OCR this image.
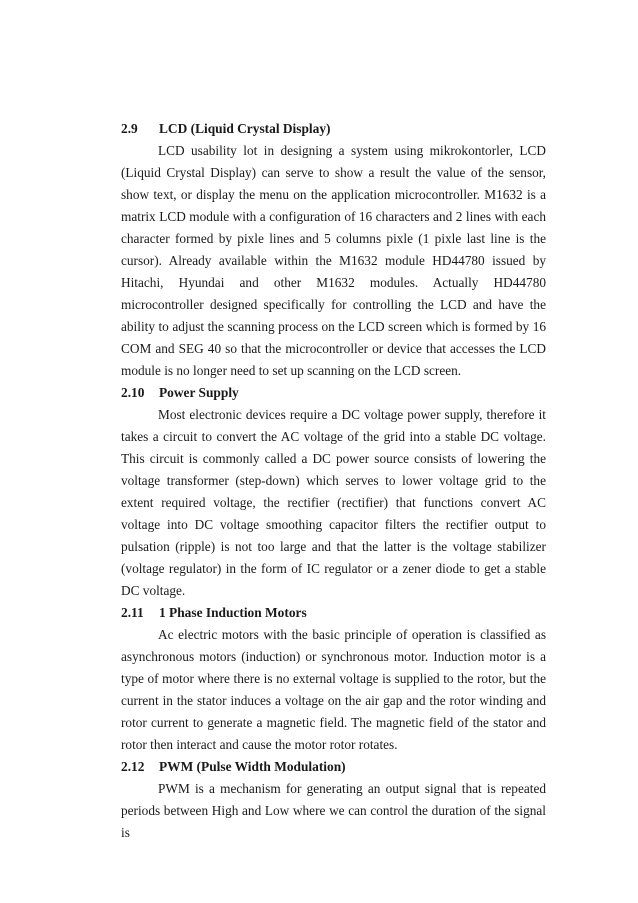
2.9 LCD (Liquid Crystal Display)

LCD usability lot in designing a system using mikrokontorler, LCD (Liquid Crystal Display) can serve to show a result the value of the sensor, show text, or display the menu on the application microcontroller. M1632 is a matrix LCD module with a configuration of 16 characters and 2 lines with each character formed by pixle lines and 5 columns pixle (1 pixle last line is the cursor). Already available within the M1632 module HD44780 issued by Hitachi, Hyundai and other M1632 modules. Actually HD44780 microcontroller designed specifically for controlling the LCD and have the ability to adjust the scanning process on the LCD screen which is formed by 16 COM and SEG 40 so that the microcontroller or device that accesses the LCD module is no longer need to set up scanning on the LCD screen.

2.10 Power Supply

Most electronic devices require a DC voltage power supply, therefore it takes a circuit to convert the AC voltage of the grid into a stable DC voltage. This circuit is commonly called a DC power source consists of lowering the voltage transformer (step-down) which serves to lower voltage grid to the extent required voltage, the rectifier (rectifier) that functions convert AC voltage into DC voltage smoothing capacitor filters the rectifier output to pulsation (ripple) is not too large and that the latter is the voltage stabilizer (voltage regulator) in the form of IC regulator or a zener diode to get a stable DC voltage.

2.11 1 Phase Induction Motors

Ac electric motors with the basic principle of operation is classified as asynchronous motors (induction) or synchronous motor. Induction motor is a type of motor where there is no external voltage is supplied to the rotor, but the current in the stator induces a voltage on the air gap and the rotor winding and rotor current to generate a magnetic field. The magnetic field of the stator and rotor then interact and cause the motor rotor rotates.

2.12 PWM (Pulse Width Modulation)

PWM is a mechanism for generating an output signal that is repeated periods between High and Low where we can control the duration of the signal is
